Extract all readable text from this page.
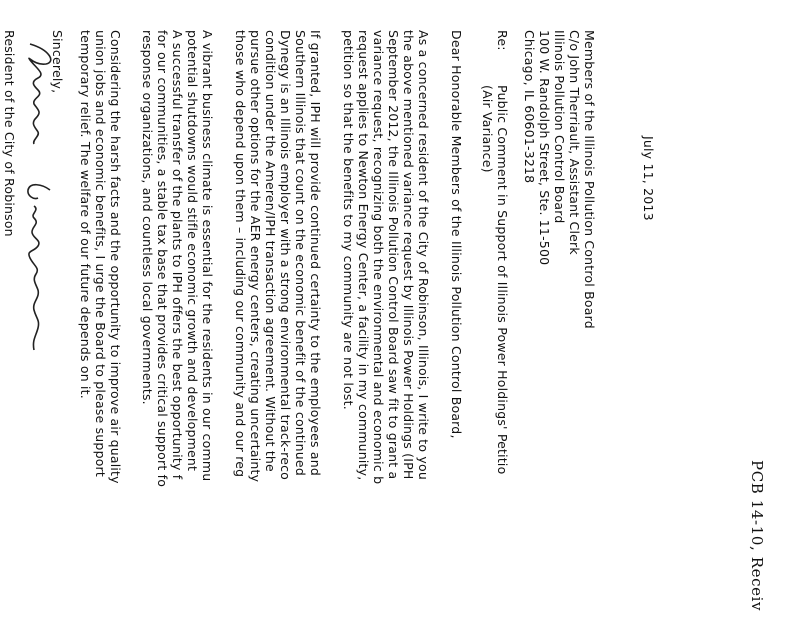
PCB 14-10, Receiv
July 11, 2013
Members of the Illinois Pollution Control Board
C/o John Therriault, Assistant Clerk
Illinois Pollution Control Board
100 W. Randolph Street, Ste. 11-500
Chicago, IL 60601-3218
Re:
Public Comment in Support of Illinois Power Holdings' Petitio
(Air Variance)
Dear Honorable Members of the Illinois Pollution Control Board,
As a concerned resident of the City of Robinson, Illinois, I write to you
the above mentioned variance request by Illinois Power Holdings (IPH
September 2012, the Illinois Pollution Control Board saw fit to grant a
variance request, recognizing both the environmental and economic b
request applies to Newton Energy Center, a facility in my community,
petition so that the benefits to my community are not lost.
If granted, IPH will provide continued certainty to the employees and
Southern Illinois that count on the economic benefit of the continued
Dynegy is an Illinois employer with a strong environmental track-reco
condition under the Ameren/IPH transaction agreement. Without the
pursue other options for the AER energy centers, creating uncertainty
those who depend upon them – including our community and our reg
A vibrant business climate is essential for the residents in our commu
potential shutdowns would stifle economic growth and development
A successful transfer of the plants to IPH offers the best opportunity f
for our communities, a stable tax base that provides critical support fo
response organizations, and countless local governments.
Considering the harsh facts and the opportunity to improve air quality
union jobs and economic benefits, I urge the Board to please support
temporary relief. The welfare of our future depends on it.
Sincerely,
Resident of the City of Robinson
